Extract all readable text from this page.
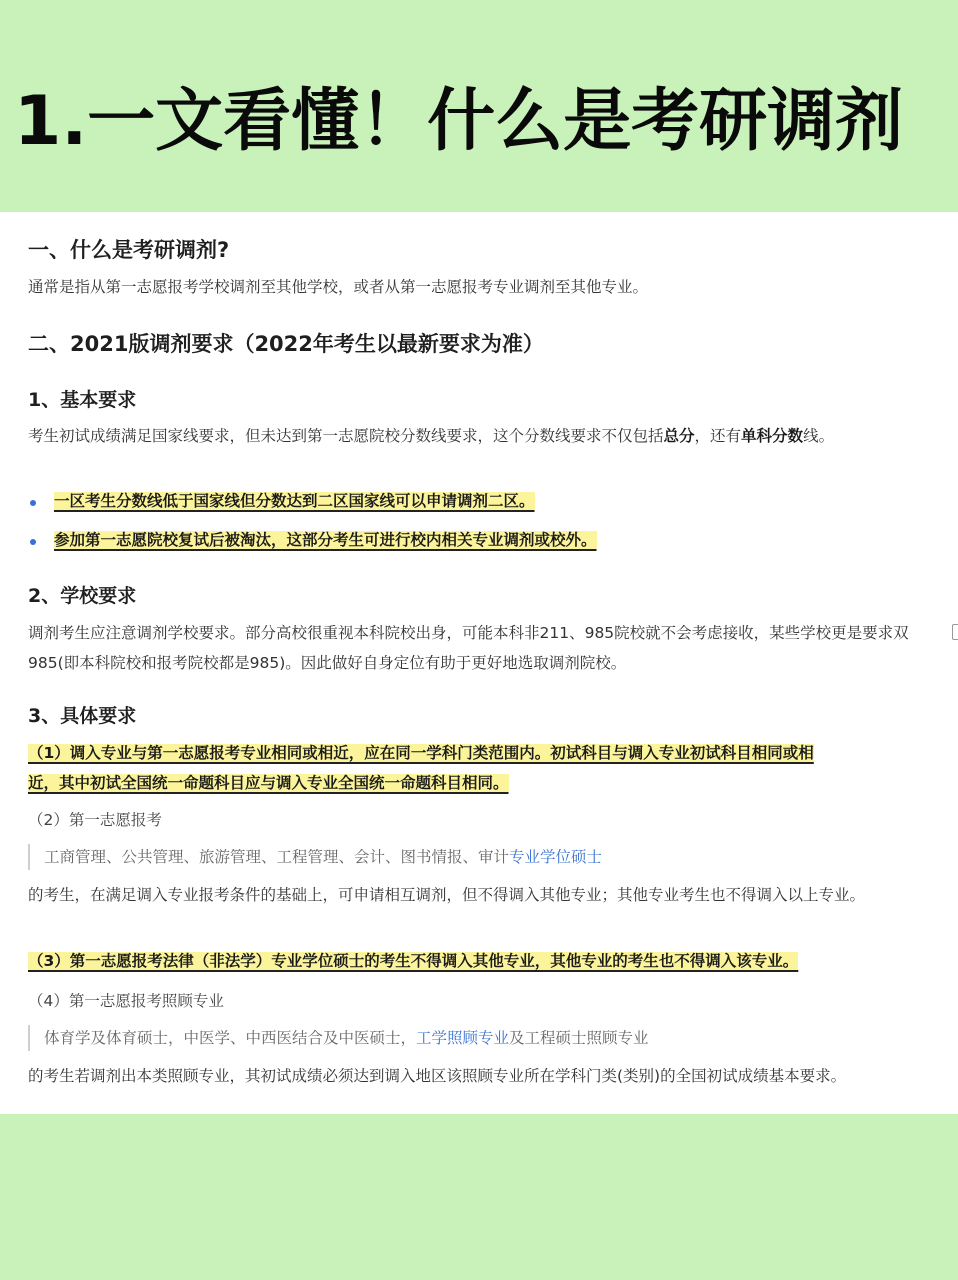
1.一文看懂！什么是考研调剂
一、什么是考研调剂?
通常是指从第一志愿报考学校调剂至其他学校，或者从第一志愿报考专业调剂至其他专业。
二、2021版调剂要求（2022年考生以最新要求为准）
1、基本要求
考生初试成绩满足国家线要求，但未达到第一志愿院校分数线要求，这个分数线要求不仅包括总分，还有单科分数线。
一区考生分数线低于国家线但分数达到二区国家线可以申请调剂二区。
参加第一志愿院校复试后被淘汰，这部分考生可进行校内相关专业调剂或校外。
2、学校要求
调剂考生应注意调剂学校要求。部分高校很重视本科院校出身，可能本科非211、985院校就不会考虑接收，某些学校更是要求双985(即本科院校和报考院校都是985)。因此做好自身定位有助于更好地选取调剂院校。
3、具体要求
（1）调入专业与第一志愿报考专业相同或相近，应在同一学科门类范围内。初试科目与调入专业初试科目相同或相
近，其中初试全国统一命题科目应与调入专业全国统一命题科目相同。
（2）第一志愿报考
工商管理、公共管理、旅游管理、工程管理、会计、图书情报、审计专业学位硕士
的考生，在满足调入专业报考条件的基础上，可申请相互调剂，但不得调入其他专业；其他专业考生也不得调入以上专业。
（3）第一志愿报考法律（非法学）专业学位硕士的考生不得调入其他专业，其他专业的考生也不得调入该专业。
（4）第一志愿报考照顾专业
体育学及体育硕士，中医学、中西医结合及中医硕士，工学照顾专业及工程硕士照顾专业
的考生若调剂出本类照顾专业，其初试成绩必须达到调入地区该照顾专业所在学科门类(类别)的全国初试成绩基本要求。
